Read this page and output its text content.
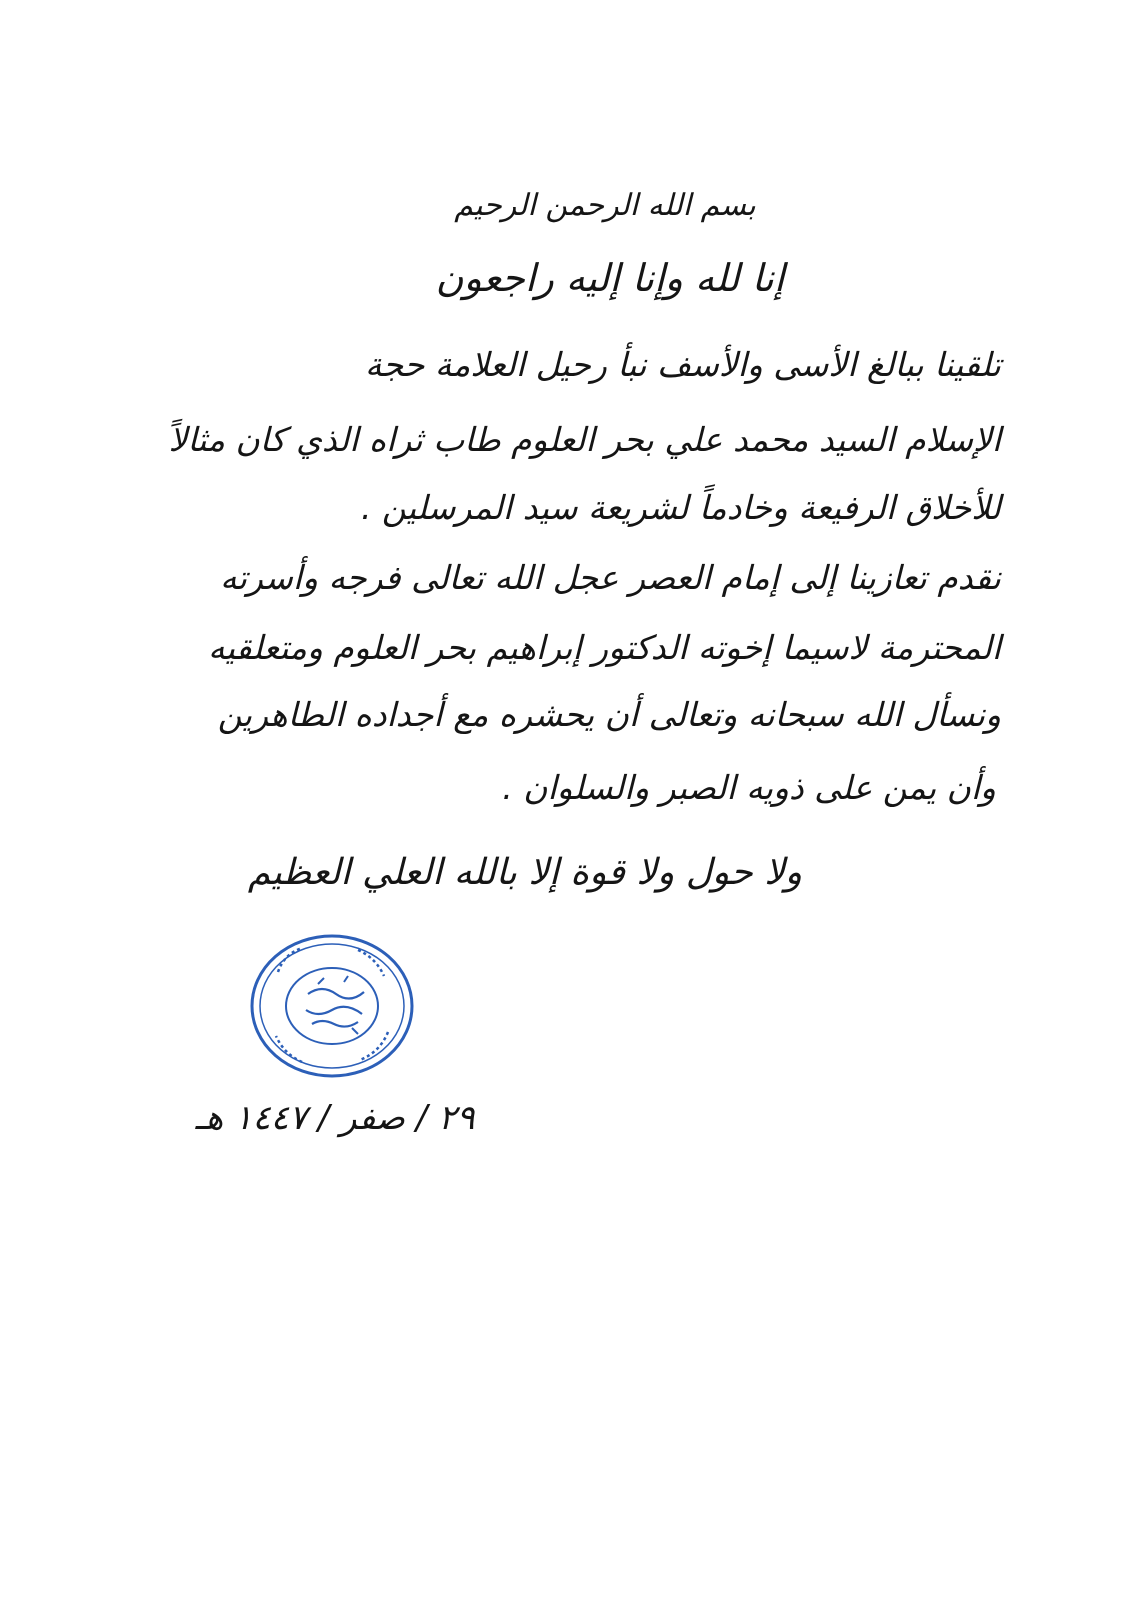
بسم الله الرحمن الرحيم
إنا لله وإنا إليه راجعون
تلقينا ببالغ الأسى والأسف نبأ رحيل العلامة حجة
الإسلام السيد محمد علي بحر العلوم طاب ثراه الذي كان مثالاً
للأخلاق الرفيعة وخادماً لشريعة سيد المرسلين .
نقدم تعازينا إلى إمام العصر عجل الله تعالى فرجه وأسرته
المحترمة لاسيما إخوته الدكتور إبراهيم بحر العلوم ومتعلقيه
ونسأل الله سبحانه وتعالى أن يحشره مع أجداده الطاهرين
وأن يمن على ذويه الصبر والسلوان .
ولا حول ولا قوة إلا بالله العلي العظيم
٢٩ / صفر / ١٤٤٧ هـ
